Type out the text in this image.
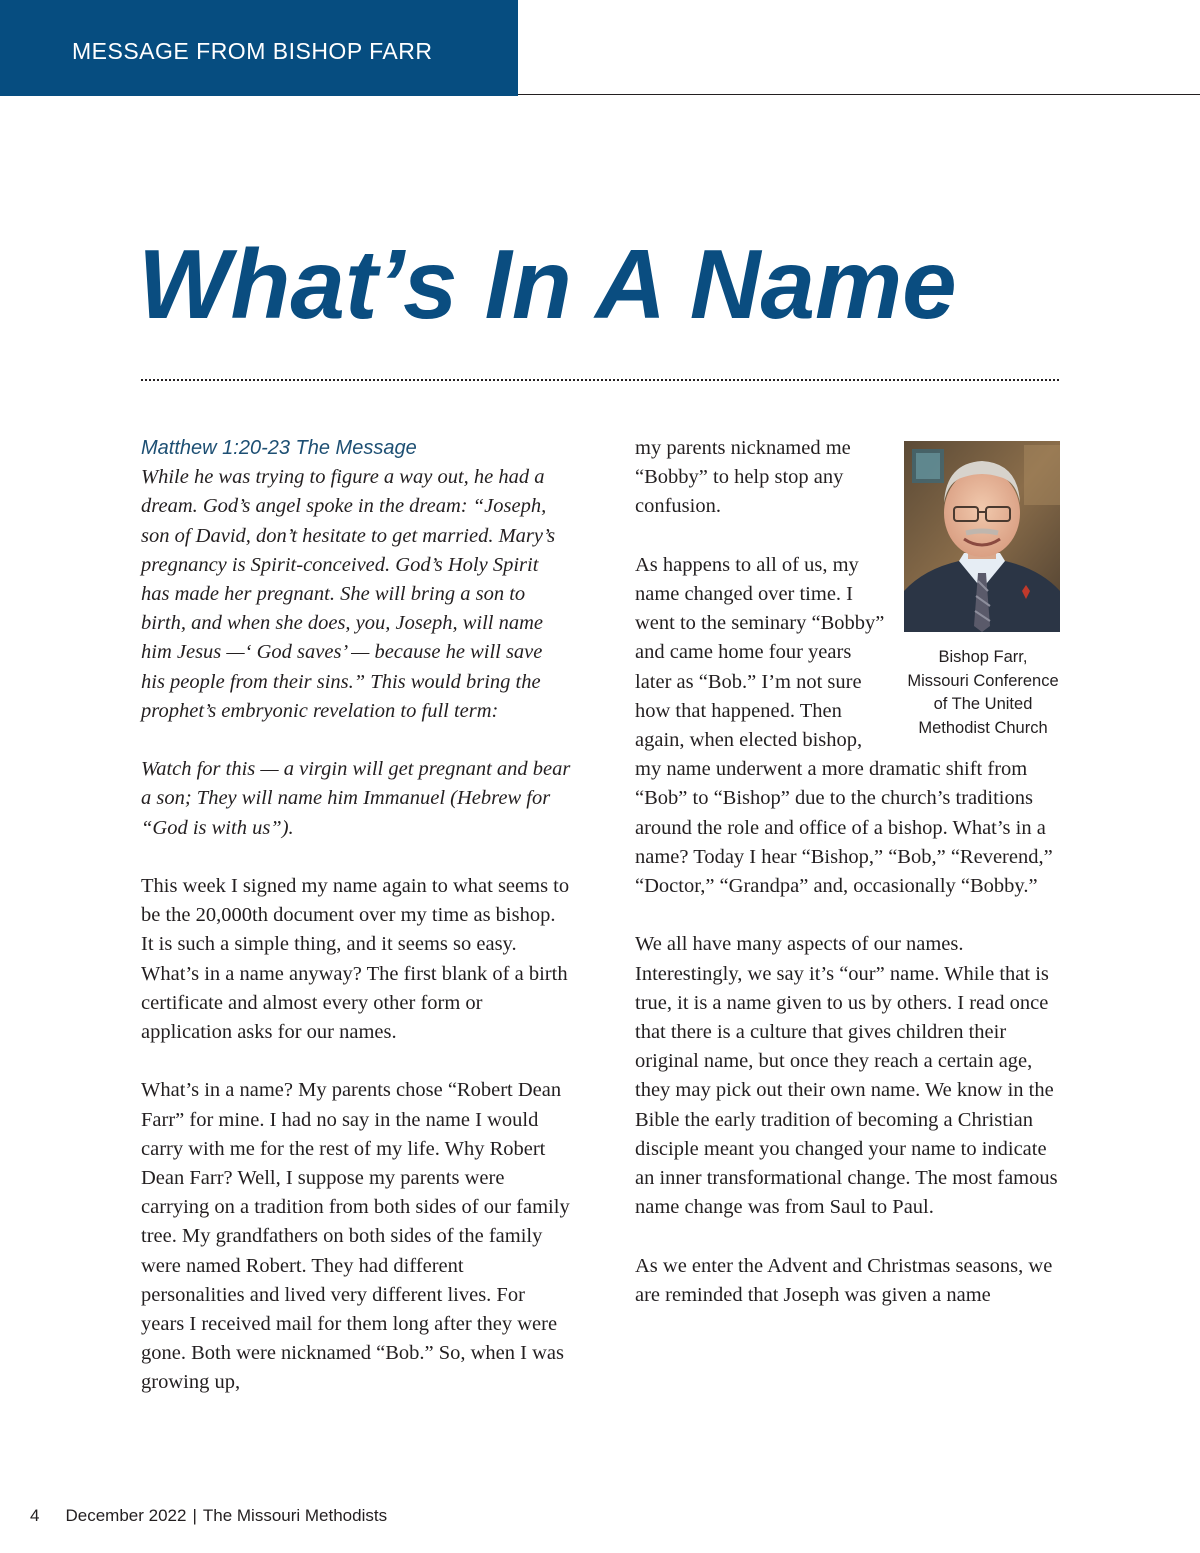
MESSAGE FROM BISHOP FARR
What’s In A Name

Matthew 1:20-23 The Message

While he was trying to figure a way out, he had a dream. God’s angel spoke in the dream: “Joseph, son of David, don’t hesitate to get married. Mary’s pregnancy is Spirit-conceived. God’s Holy Spirit has made her pregnant. She will bring a son to birth, and when she does, you, Joseph, will name him Jesus —‘ God saves’ — because he will save his people from their sins.” This would bring the prophet’s embryonic revelation to full term:

Watch for this — a virgin will get pregnant and bear a son; They will name him Immanuel (Hebrew for “God is with us”).

This week I signed my name again to what seems to be the 20,000th document over my time as bishop. It is such a simple thing, and it seems so easy. What’s in a name anyway? The first blank of a birth certificate and almost every other form or application asks for our names.

What’s in a name? My parents chose “Robert Dean Farr” for mine. I had no say in the name I would carry with me for the rest of my life. Why Robert Dean Farr? Well, I suppose my parents were carrying on a tradition from both sides of our family tree. My grandfathers on both sides of the family were named Robert. They had different personalities and lived very different lives. For years I received mail for them long after they were gone. Both were nicknamed “Bob.” So, when I was growing up,

Bishop Farr, Missouri Conference of The United Methodist Church

my parents nicknamed me “Bobby” to help stop any confusion.

As happens to all of us, my name changed over time. I went to the seminary “Bobby” and came home four years later as “Bob.” I’m not sure how that happened. Then again, when elected bishop, my name underwent a more dramatic shift from “Bob” to “Bishop” due to the church’s traditions around the role and office of a bishop. What’s in a name? Today I hear “Bishop,” “Bob,” “Reverend,” “Doctor,” “Grandpa” and, occasionally “Bobby.”

We all have many aspects of our names. Interestingly, we say it’s “our” name. While that is true, it is a name given to us by others. I read once that there is a culture that gives children their original name, but once they reach a certain age, they may pick out their own name. We know in the Bible the early tradition of becoming a Christian disciple meant you changed your name to indicate an inner transformational change. The most famous name change was from Saul to Paul.

As we enter the Advent and Christmas seasons, we are reminded that Joseph was given a name

4 December 2022 | The Missouri Methodists
